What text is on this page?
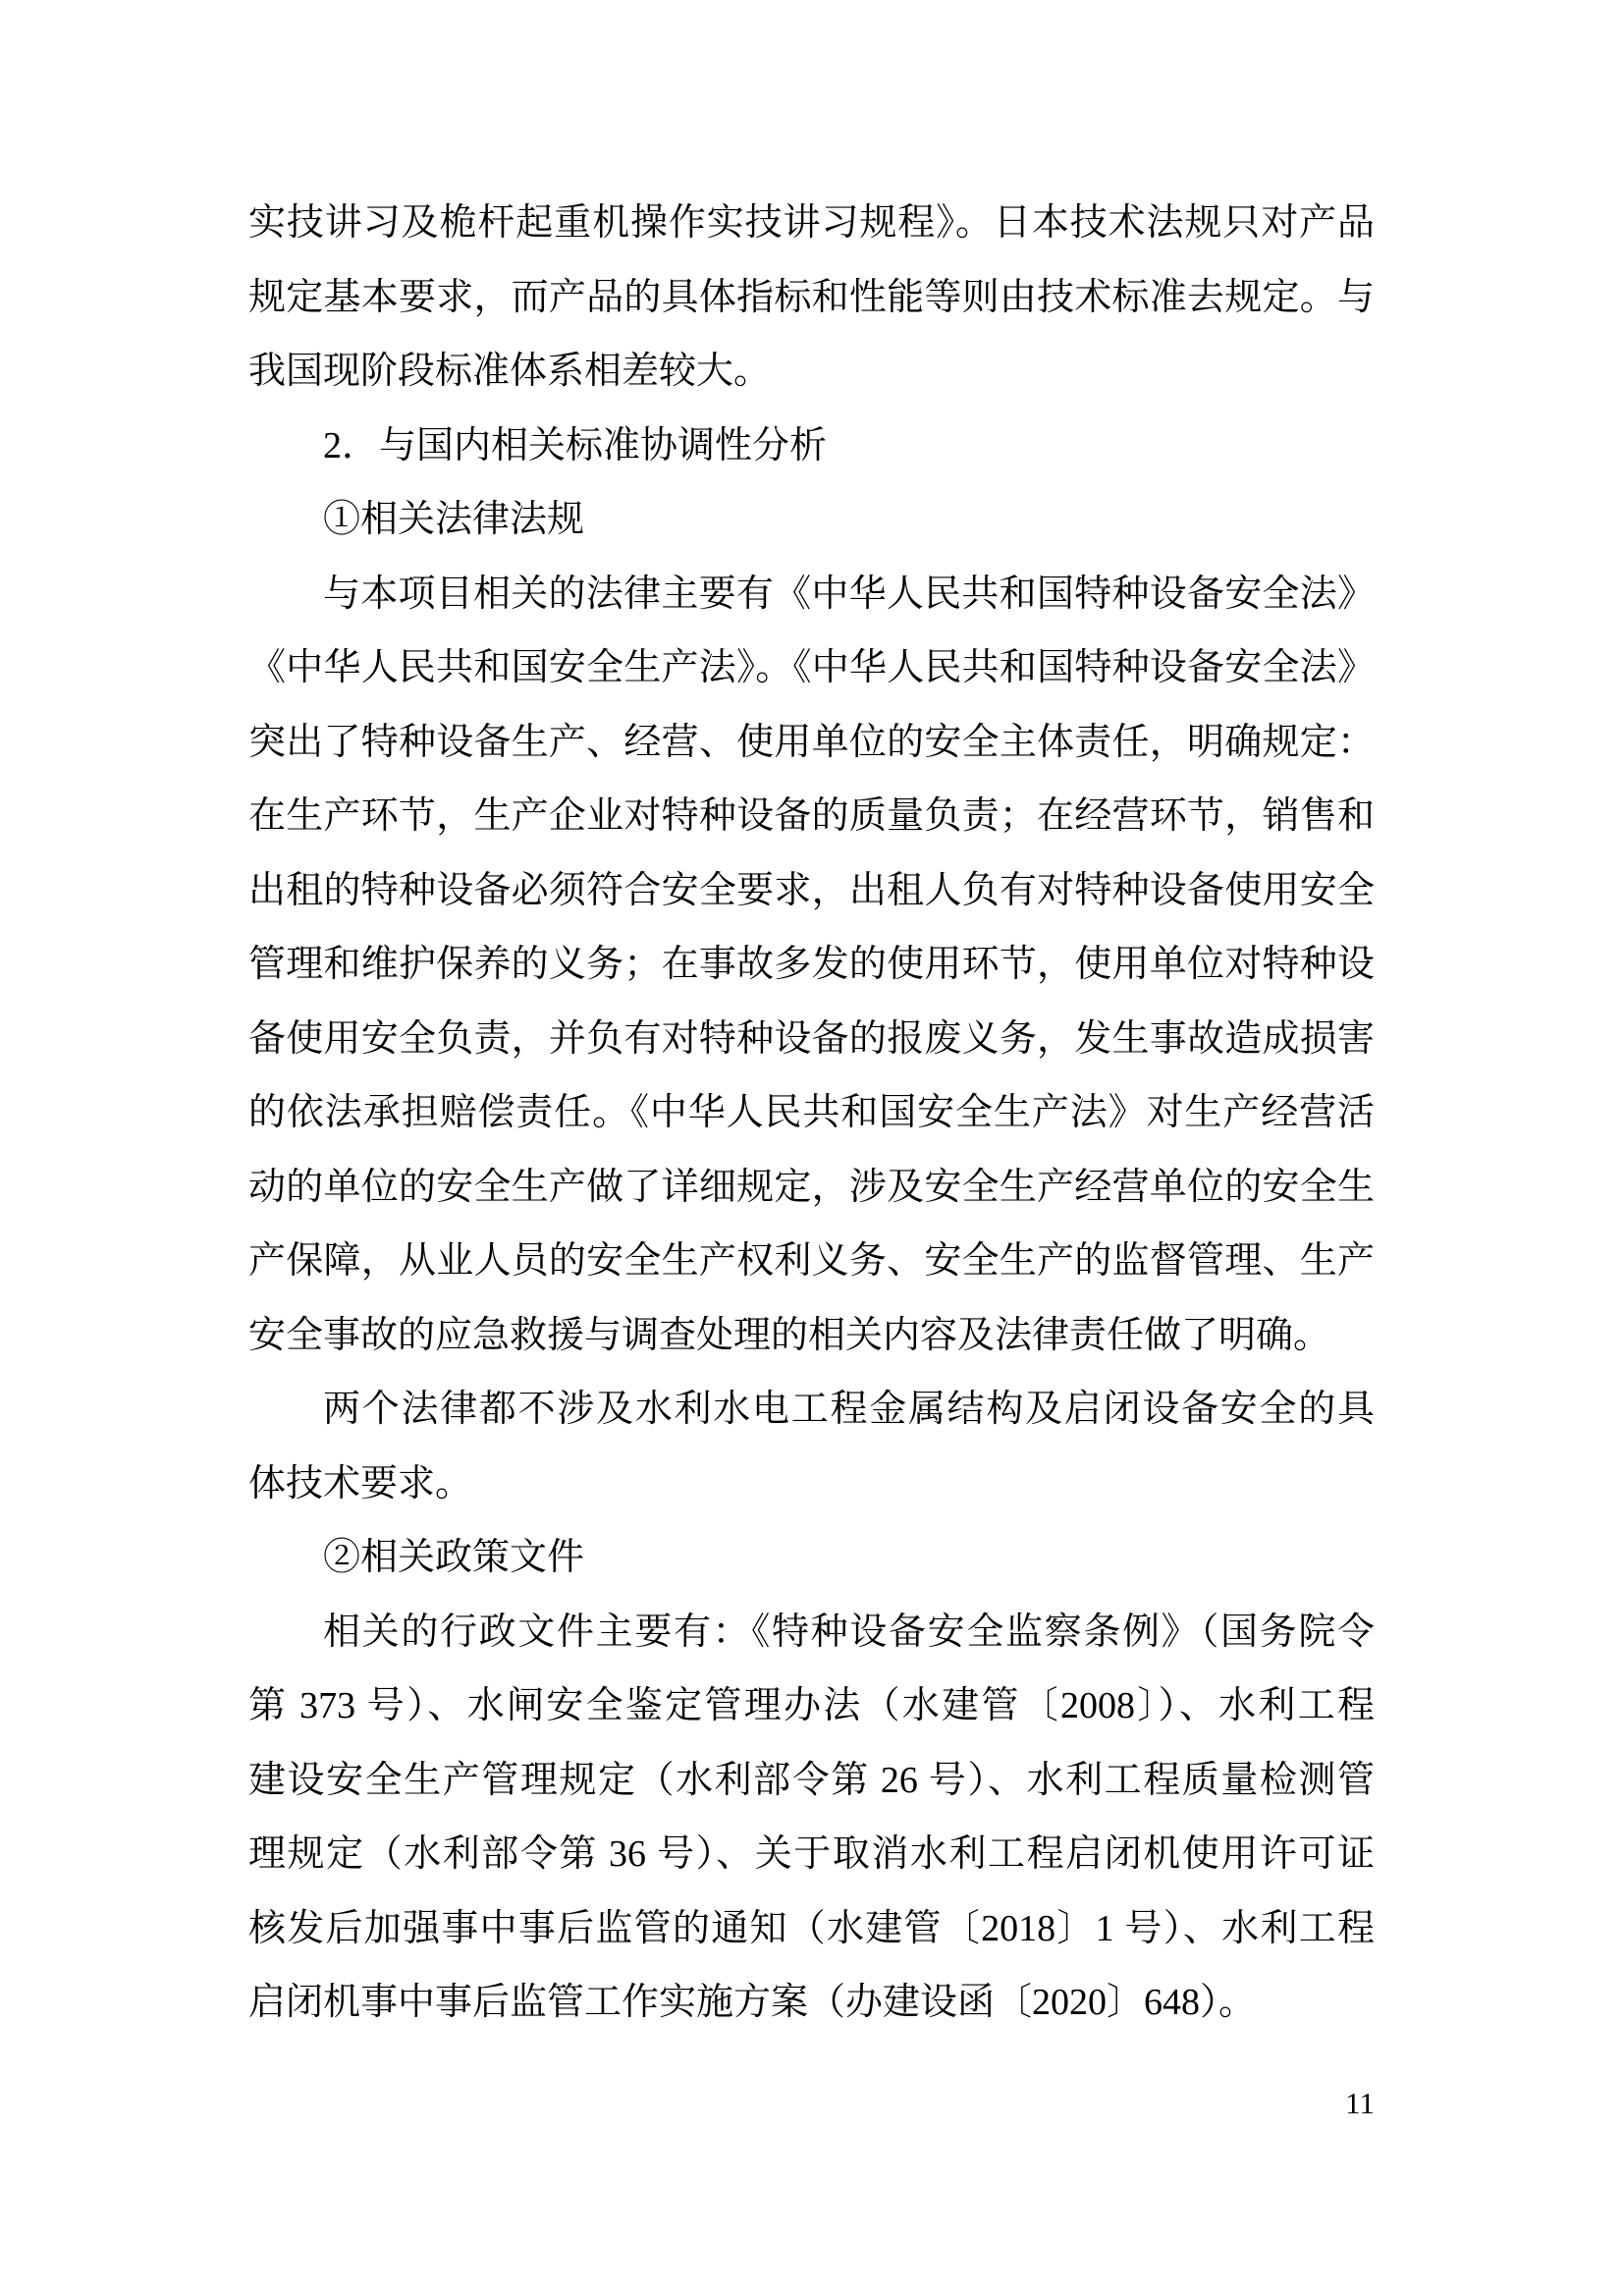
实技讲习及桅杆起重机操作实技讲习规程》。日本技术法规只对产品
规定基本要求，而产品的具体指标和性能等则由技术标准去规定。与
我国现阶段标准体系相差较大。
2．与国内相关标准协调性分析
①相关法律法规
与本项目相关的法律主要有《中华人民共和国特种设备安全法》
《中华人民共和国安全生产法》。《中华人民共和国特种设备安全法》
突出了特种设备生产、经营、使用单位的安全主体责任，明确规定：
在生产环节，生产企业对特种设备的质量负责；在经营环节，销售和
出租的特种设备必须符合安全要求，出租人负有对特种设备使用安全
管理和维护保养的义务；在事故多发的使用环节，使用单位对特种设
备使用安全负责，并负有对特种设备的报废义务，发生事故造成损害
的依法承担赔偿责任。《中华人民共和国安全生产法》对生产经营活
动的单位的安全生产做了详细规定，涉及安全生产经营单位的安全生
产保障，从业人员的安全生产权利义务、安全生产的监督管理、生产
安全事故的应急救援与调查处理的相关内容及法律责任做了明确。
两个法律都不涉及水利水电工程金属结构及启闭设备安全的具
体技术要求。
②相关政策文件
相关的行政文件主要有：《特种设备安全监察条例》（国务院令
第 373 号）、水闸安全鉴定管理办法（水建管〔2008〕）、水利工程
建设安全生产管理规定（水利部令第 26 号）、水利工程质量检测管
理规定（水利部令第 36 号）、关于取消水利工程启闭机使用许可证
核发后加强事中事后监管的通知（水建管〔2018〕1 号）、水利工程
启闭机事中事后监管工作实施方案（办建设函〔2020〕648）。
11
